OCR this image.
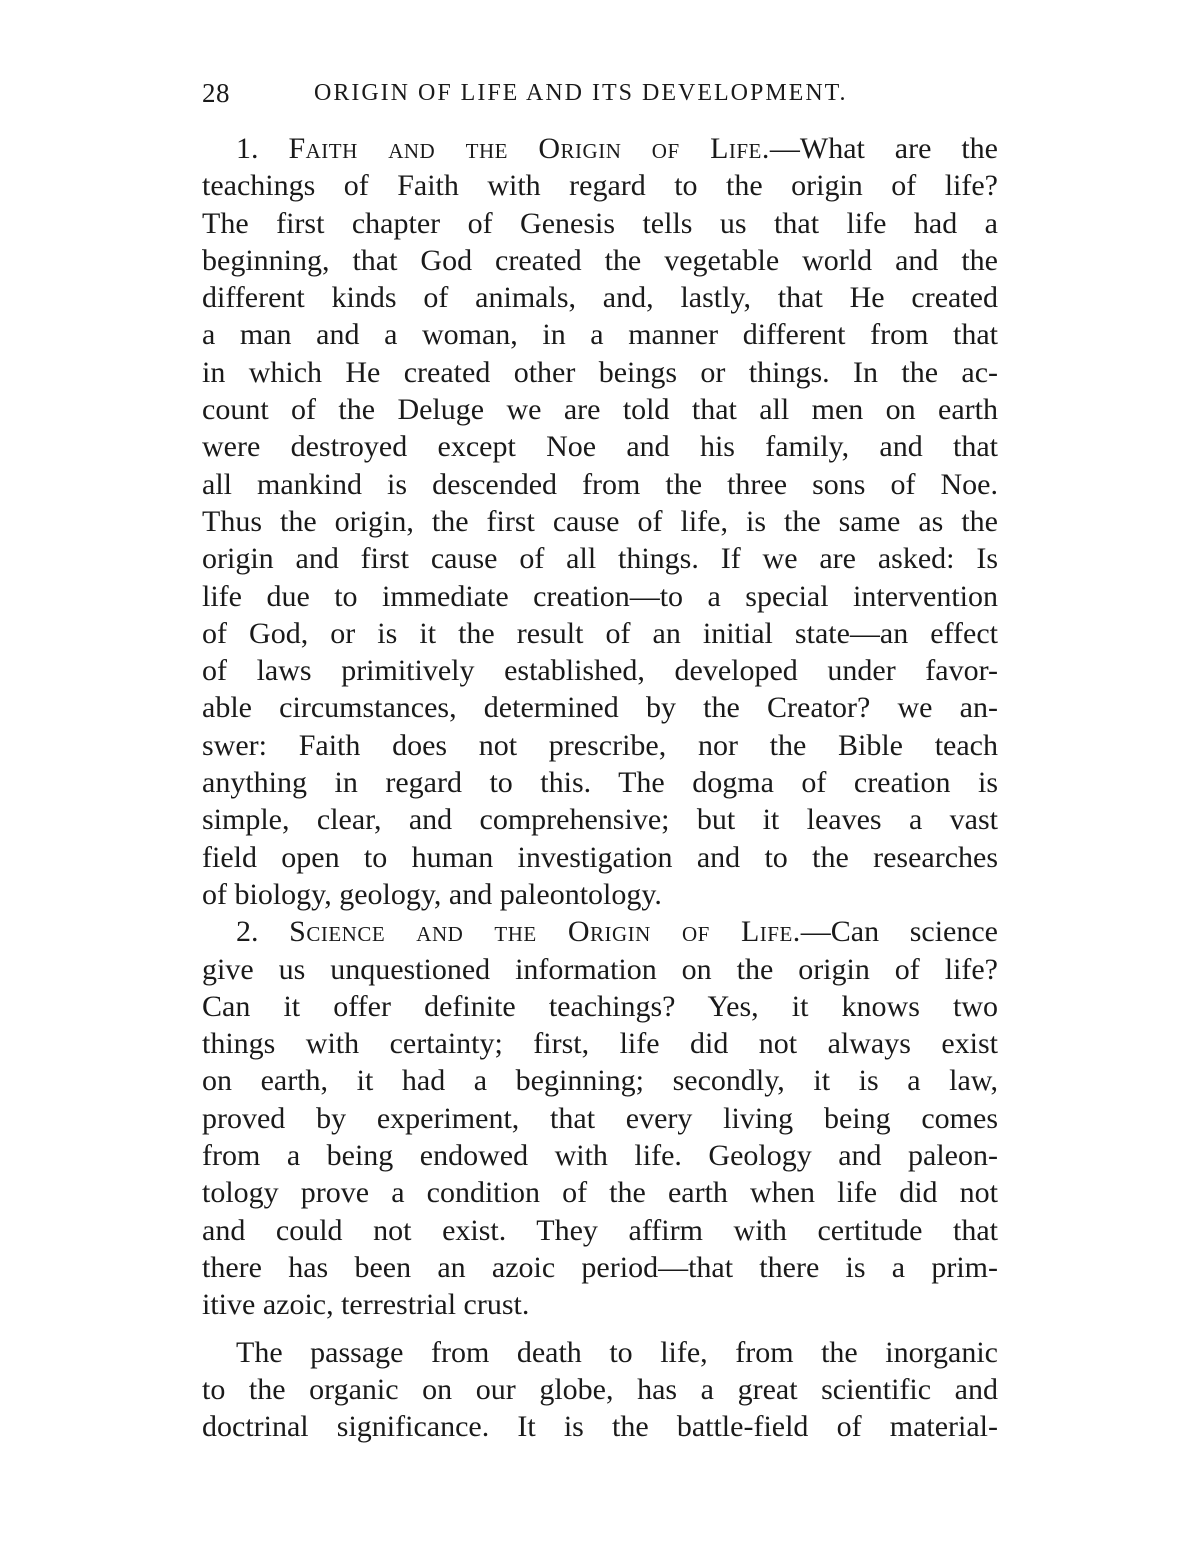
28	ORIGIN OF LIFE AND ITS DEVELOPMENT.
1. Faith and the Origin of Life.—What are the
teachings of Faith with regard to the origin of life?
The first chapter of Genesis tells us that life had a
beginning, that God created the vegetable world and the
different kinds of animals, and, lastly, that He created
a man and a woman, in a manner different from that
in which He created other beings or things. In the ac-
count of the Deluge we are told that all men on earth
were destroyed except Noe and his family, and that
all mankind is descended from the three sons of Noe.
Thus the origin, the first cause of life, is the same as the
origin and first cause of all things. If we are asked: Is
life due to immediate creation—to a special intervention
of God, or is it the result of an initial state—an effect
of laws primitively established, developed under favor-
able circumstances, determined by the Creator? we an-
swer: Faith does not prescribe, nor the Bible teach
anything in regard to this. The dogma of creation is
simple, clear, and comprehensive; but it leaves a vast
field open to human investigation and to the researches
of biology, geology, and paleontology.
2. Science and the Origin of Life.—Can science
give us unquestioned information on the origin of life?
Can it offer definite teachings? Yes, it knows two
things with certainty; first, life did not always exist
on earth, it had a beginning; secondly, it is a law,
proved by experiment, that every living being comes
from a being endowed with life. Geology and paleon-
tology prove a condition of the earth when life did not
and could not exist. They affirm with certitude that
there has been an azoic period—that there is a prim-
itive azoic, terrestrial crust.
The passage from death to life, from the inorganic
to the organic on our globe, has a great scientific and
doctrinal significance. It is the battle-field of material-
